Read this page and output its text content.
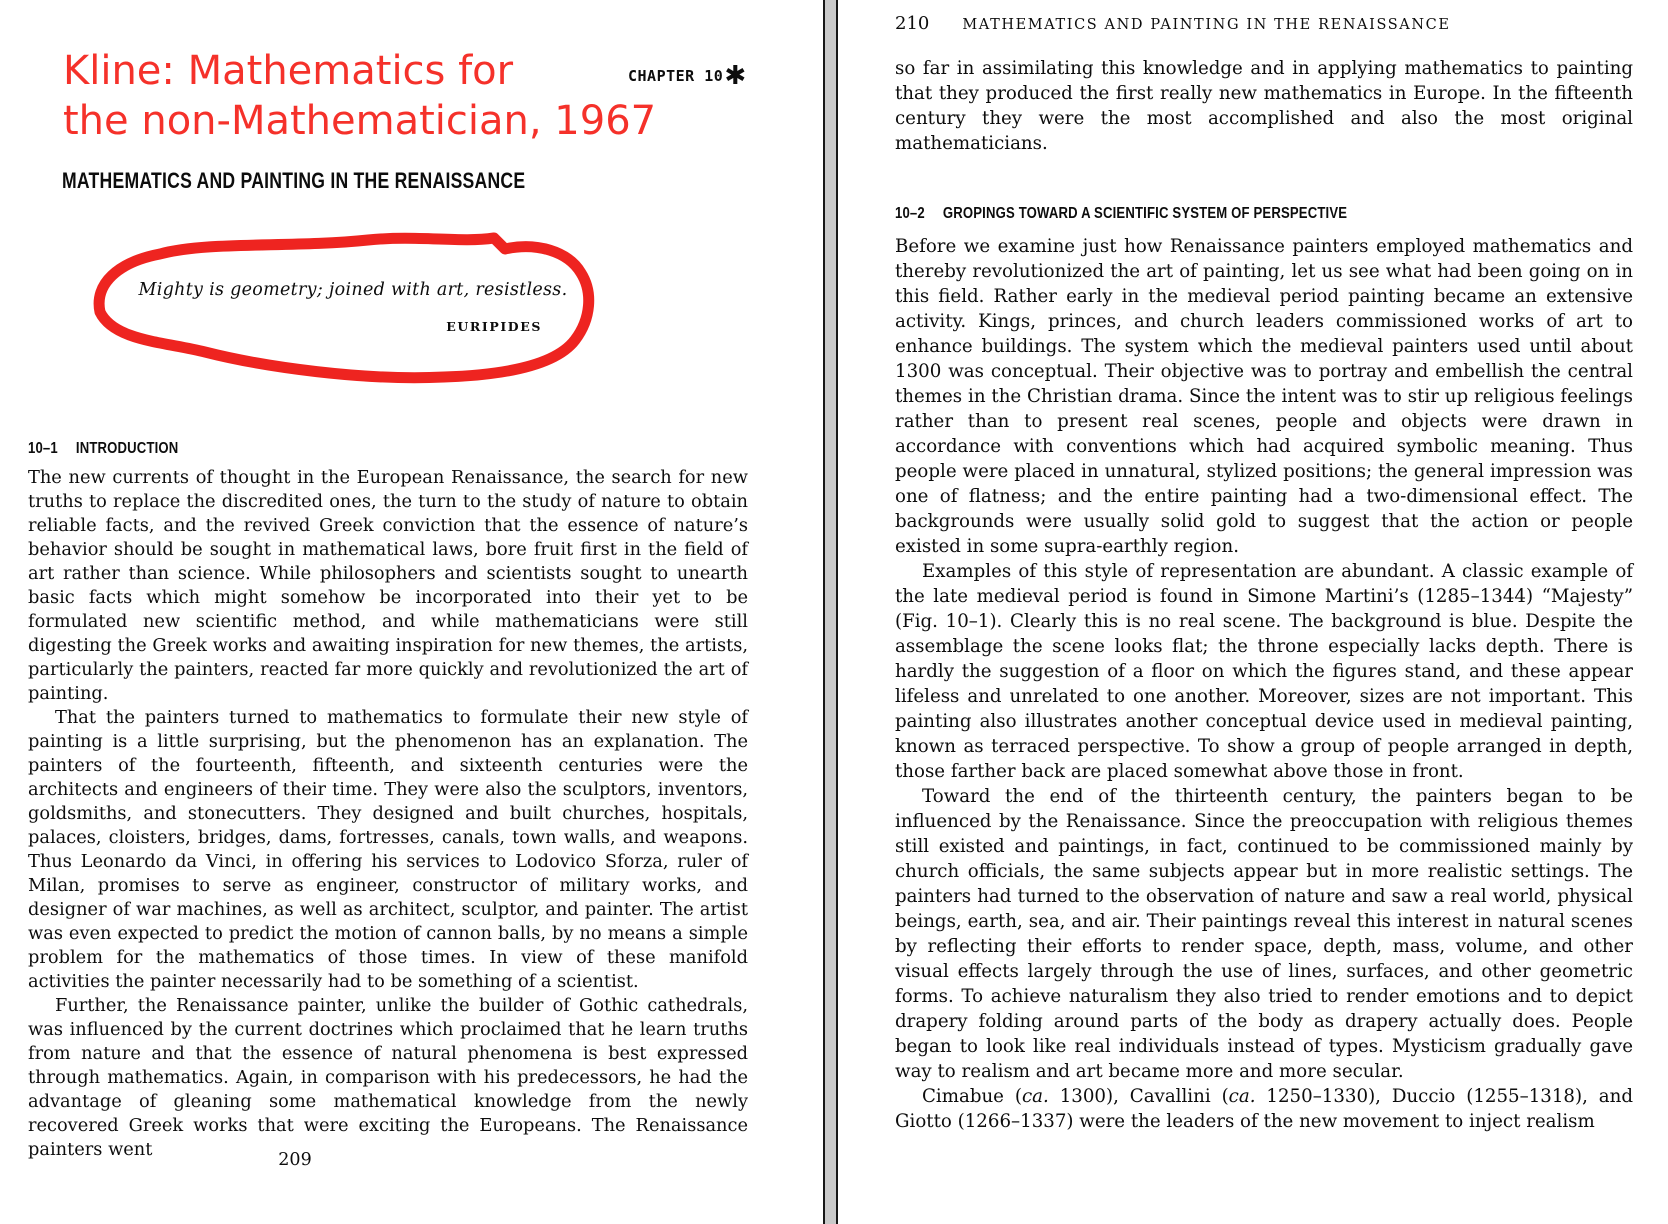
Kline: Mathematics for
the non-Mathematician, 1967
CHAPTER 10✱
MATHEMATICS AND PAINTING IN THE RENAISSANCE
Mighty is geometry; joined with art, resistless.
EURIPIDES
10–1 INTRODUCTION

The new currents of thought in the European Renaissance, the search for new truths to replace the discredited ones, the turn to the study of nature to obtain reliable facts, and the revived Greek conviction that the essence of nature’s behavior should be sought in mathematical laws, bore fruit first in the field of art rather than science. While philosophers and scientists sought to unearth basic facts which might somehow be incorporated into their yet to be formulated new scientific method, and while mathematicians were still digesting the Greek works and awaiting inspiration for new themes, the artists, particularly the painters, reacted far more quickly and revolutionized the art of painting.

That the painters turned to mathematics to formulate their new style of painting is a little surprising, but the phenomenon has an explanation. The painters of the fourteenth, fifteenth, and sixteenth centuries were the architects and engineers of their time. They were also the sculptors, inventors, goldsmiths, and stonecutters. They designed and built churches, hospitals, palaces, cloisters, bridges, dams, fortresses, canals, town walls, and weapons. Thus Leonardo da Vinci, in offering his services to Lodovico Sforza, ruler of Milan, promises to serve as engineer, constructor of military works, and designer of war machines, as well as architect, sculptor, and painter. The artist was even expected to predict the motion of cannon balls, by no means a simple problem for the mathematics of those times. In view of these manifold activities the painter necessarily had to be something of a scientist.

Further, the Renaissance painter, unlike the builder of Gothic cathedrals, was influenced by the current doctrines which proclaimed that he learn truths from nature and that the essence of natural phenomena is best expressed through mathematics. Again, in comparison with his predecessors, he had the advantage of gleaning some mathematical knowledge from the newly recovered Greek works that were exciting the Europeans. The Renaissance painters went	209
210 MATHEMATICS AND PAINTING IN THE RENAISSANCE

so far in assimilating this knowledge and in applying mathematics to painting that they produced the first really new mathematics in Europe. In the fifteenth century they were the most accomplished and also the most original mathematicians.

10–2 GROPINGS TOWARD A SCIENTIFIC SYSTEM OF PERSPECTIVE

Before we examine just how Renaissance painters employed mathematics and thereby revolutionized the art of painting, let us see what had been going on in this field. Rather early in the medieval period painting became an extensive activity. Kings, princes, and church leaders commissioned works of art to enhance buildings. The system which the medieval painters used until about 1300 was conceptual. Their objective was to portray and embellish the central themes in the Christian drama. Since the intent was to stir up religious feelings rather than to present real scenes, people and objects were drawn in accordance with conventions which had acquired symbolic meaning. Thus people were placed in unnatural, stylized positions; the general impression was one of flatness; and the entire painting had a two-dimensional effect. The backgrounds were usually solid gold to suggest that the action or people existed in some supra-earthly region.

Examples of this style of representation are abundant. A classic example of the late medieval period is found in Simone Martini’s (1285–1344) “Majesty” (Fig. 10–1). Clearly this is no real scene. The background is blue. Despite the assemblage the scene looks flat; the throne especially lacks depth. There is hardly the suggestion of a floor on which the figures stand, and these appear lifeless and unrelated to one another. Moreover, sizes are not important. This painting also illustrates another conceptual device used in medieval painting, known as terraced perspective. To show a group of people arranged in depth, those farther back are placed somewhat above those in front.

Toward the end of the thirteenth century, the painters began to be influenced by the Renaissance. Since the preoccupation with religious themes still existed and paintings, in fact, continued to be commissioned mainly by church officials, the same subjects appear but in more realistic settings. The painters had turned to the observation of nature and saw a real world, physical beings, earth, sea, and air. Their paintings reveal this interest in natural scenes by reflecting their efforts to render space, depth, mass, volume, and other visual effects largely through the use of lines, surfaces, and other geometric forms. To achieve naturalism they also tried to render emotions and to depict drapery folding around parts of the body as drapery actually does. People began to look like real individuals instead of types. Mysticism gradually gave way to realism and art became more and more secular.

Cimabue (ca. 1300), Cavallini (ca. 1250–1330), Duccio (1255–1318), and Giotto (1266–1337) were the leaders of the new movement to inject realism
